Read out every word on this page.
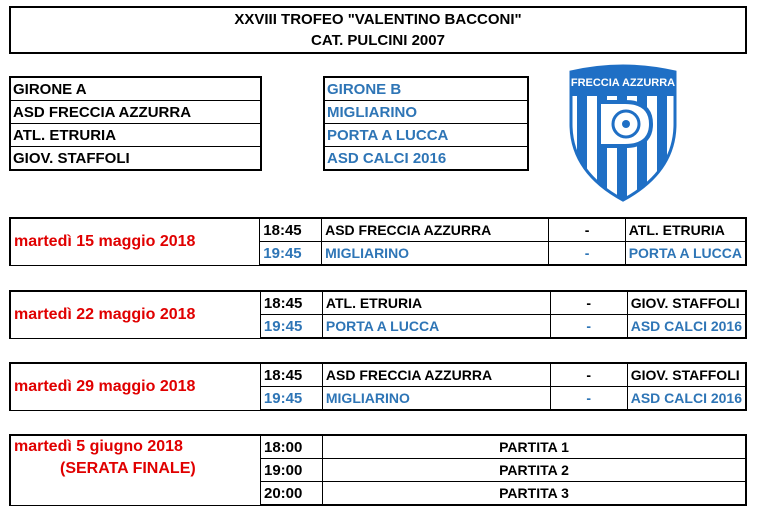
XXVIII TROFEO "VALENTINO BACCONI"
CAT. PULCINI 2007
GIRONE A
ASD FRECCIA AZZURRA
ATL. ETRURIA
GIOV. STAFFOLI
GIRONE B
MIGLIARINO
PORTA A LUCCA
ASD CALCI 2016
FRECCIA AZZURRA
martedì 15 maggio 2018	18:45	ASD FRECCIA AZZURRA	-	ATL. ETRURIA
	19:45	MIGLIARINO	-	PORTA A LUCCA
martedì 22 maggio 2018	18:45	ATL. ETRURIA	-	GIOV. STAFFOLI
	19:45	PORTA A LUCCA	-	ASD CALCI 2016
martedì 29 maggio 2018	18:45	ASD FRECCIA AZZURRA	-	GIOV. STAFFOLI
	19:45	MIGLIARINO	-	ASD CALCI 2016
martedì 5 giugno 2018
(SERATA FINALE)	18:00	PARTITA 1
	19:00	PARTITA 2
	20:00	PARTITA 3
